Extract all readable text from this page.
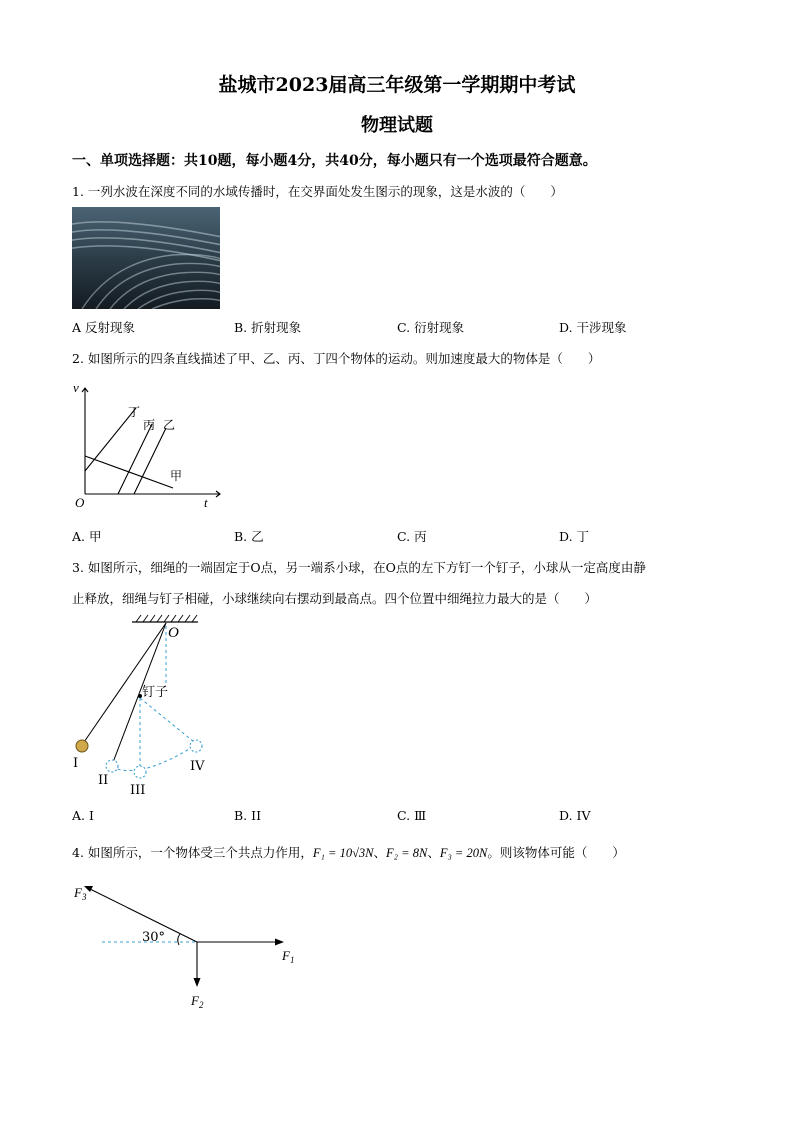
盐城市2023届高三年级第一学期期中考试
物理试题
一、单项选择题：共10题，每小题4分，共40分，每小题只有一个选项最符合题意。
1. 一列水波在深度不同的水域传播时，在交界面处发生图示的现象，这是水波的（　　）
A 反射现象	B. 折射现象	C. 衍射现象	D. 干涉现象
2. 如图所示的四条直线描述了甲、乙、丙、丁四个物体的运动。则加速度最大的物体是（　　）
v
t
O
丁
丙 乙
甲
A. 甲	B. 乙	C. 丙	D. 丁
3. 如图所示，细绳的一端固定于O点，另一端系小球，在O点的左下方钉一个钉子，小球从一定高度由静
止释放，细绳与钉子相碰，小球继续向右摆动到最高点。四个位置中细绳拉力最大的是（　　）
O
钉子
I
II
III
IV
A. I	B. II	C. Ⅲ	D. IV
4. 如图所示，一个物体受三个共点力作用，F₁ = 10√3N、F₂ = 8N、F₃ = 20N。则该物体可能（　　）
30°
$F_1$
$F_2$
$F_3$
